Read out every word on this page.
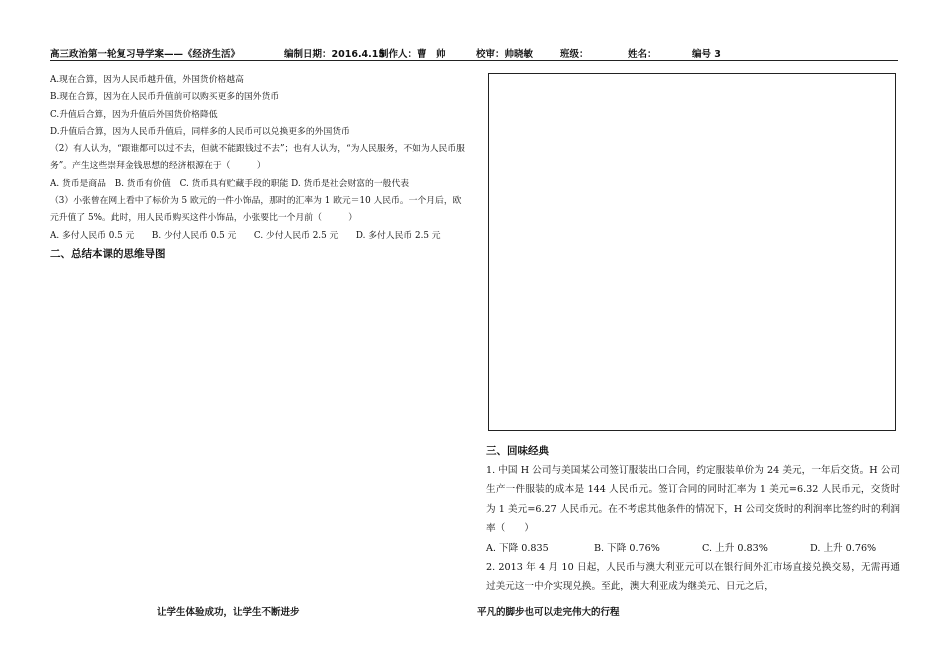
高三政治第一轮复习导学案——《经济生活》	编制日期：2016.4.15
制作人：曹　帅	校审：帅晓敏	班级：	姓名：	编号 3
A.现在合算，因为人民币越升值，外国货价格越高
B.现在合算，因为在人民币升值前可以购买更多的国外货币
C.升值后合算，因为升值后外国货价格降低
D.升值后合算，因为人民币升值后，同样多的人民币可以兑换更多的外国货币
（2）有人认为，“跟谁都可以过不去，但就不能跟钱过不去”；也有人认为，“为人民服务，不如为人民币服务”。产生这些崇拜金钱思想的经济根源在于（　　　）
A. 货币是商品　B. 货币有价值　C. 货币具有贮藏手段的职能 D. 货币是社会财富的一般代表
（3）小张曾在网上看中了标价为 5 欧元的一件小饰品，那时的汇率为 1 欧元＝10 人民币。一个月后，欧元升值了 5%。此时，用人民币购买这件小饰品，小张要比一个月前（　　　）
A. 多付人民币 0.5 元　　B. 少付人民币 0.5 元　　C. 少付人民币 2.5 元　　D. 多付人民币 2.5 元
二、总结本课的思维导图
三、回味经典
1. 中国 H 公司与美国某公司签订服装出口合同，约定服装单价为 24 美元，一年后交货。H 公司生产一件服装的成本是 144 人民币元。签订合同的同时汇率为 1 美元=6.32 人民币元，交货时为 1 美元=6.27 人民币元。在不考虑其他条件的情况下，H 公司交货时的利润率比签约时的利润率（　　）
A. 下降 0.835	B. 下降 0.76%	C. 上升 0.83%	D. 上升 0.76%
2. 2013 年 4 月 10 日起，人民币与澳大利亚元可以在银行间外汇市场直接兑换交易，无需再通过美元这一中介实现兑换。至此，澳大利亚成为继美元、日元之后，
让学生体验成功，让学生不断进步	平凡的脚步也可以走完伟大的行程
